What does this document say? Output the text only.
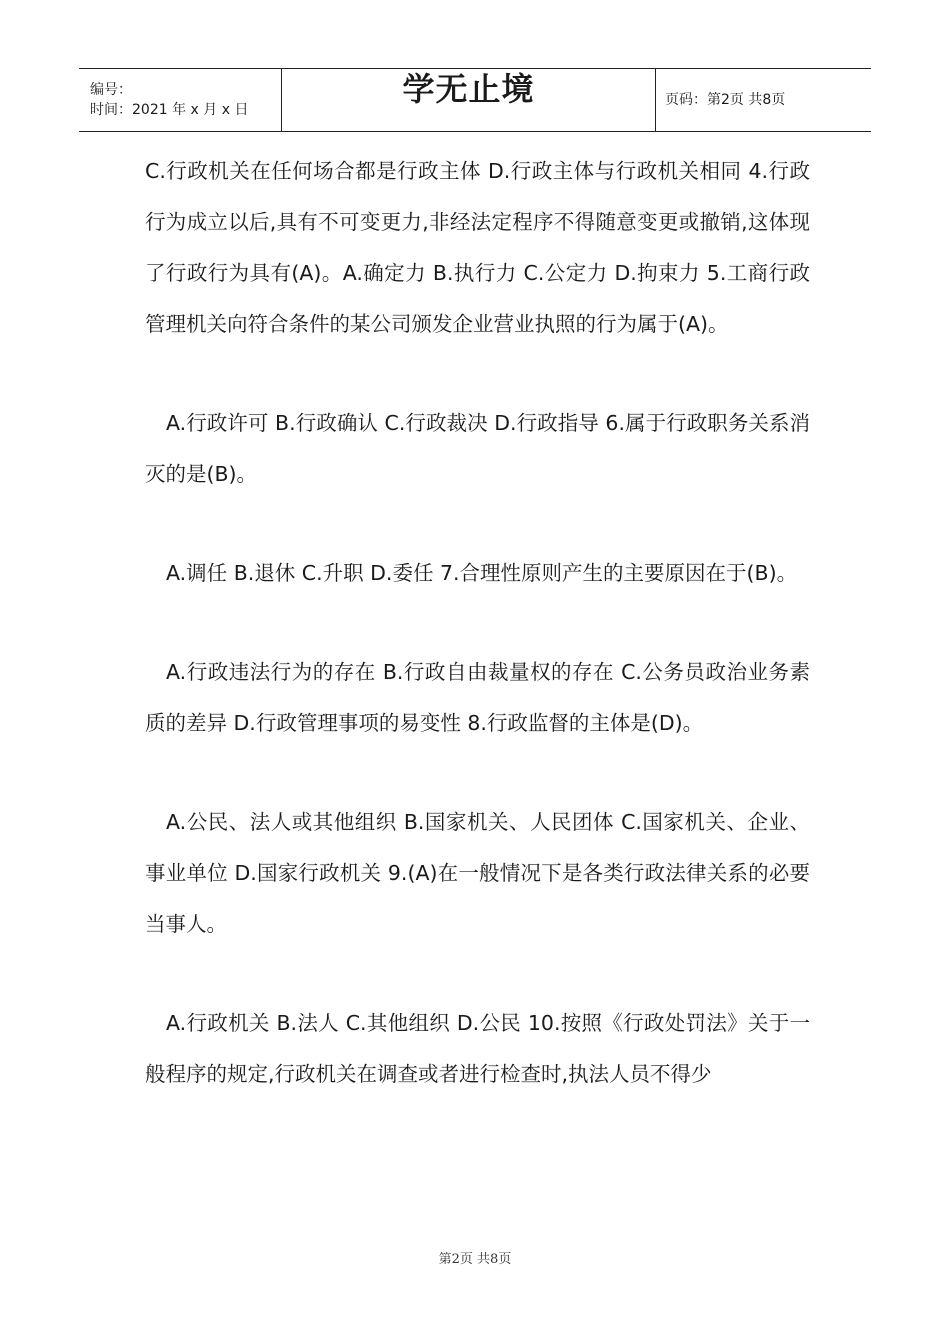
编号：
时间：2021 年 x 月 x 日
学无止境	页码：第2页 共8页

C.行政机关在任何场合都是行政主体 D.行政主体与行政机关相同 4.行政行为成立以后,具有不可变更力,非经法定程序不得随意变更或撤销,这体现了行政行为具有(A)。A.确定力 B.执行力 C.公定力 D.拘束力 5.工商行政管理机关向符合条件的某公司颁发企业营业执照的行为属于(A)。

A.行政许可 B.行政确认 C.行政裁决 D.行政指导 6.属于行政职务关系消灭的是(B)。

A.调任 B.退休 C.升职 D.委任 7.合理性原则产生的主要原因在于(B)。

A.行政违法行为的存在 B.行政自由裁量权的存在 C.公务员政治业务素质的差异 D.行政管理事项的易变性 8.行政监督的主体是(D)。

A.公民、法人或其他组织 B.国家机关、人民团体 C.国家机关、企业、事业单位 D.国家行政机关 9.(A)在一般情况下是各类行政法律关系的必要当事人。

A.行政机关 B.法人 C.其他组织 D.公民 10.按照《行政处罚法》关于一般程序的规定,行政机关在调查或者进行检查时,执法人员不得少

第2页 共8页
